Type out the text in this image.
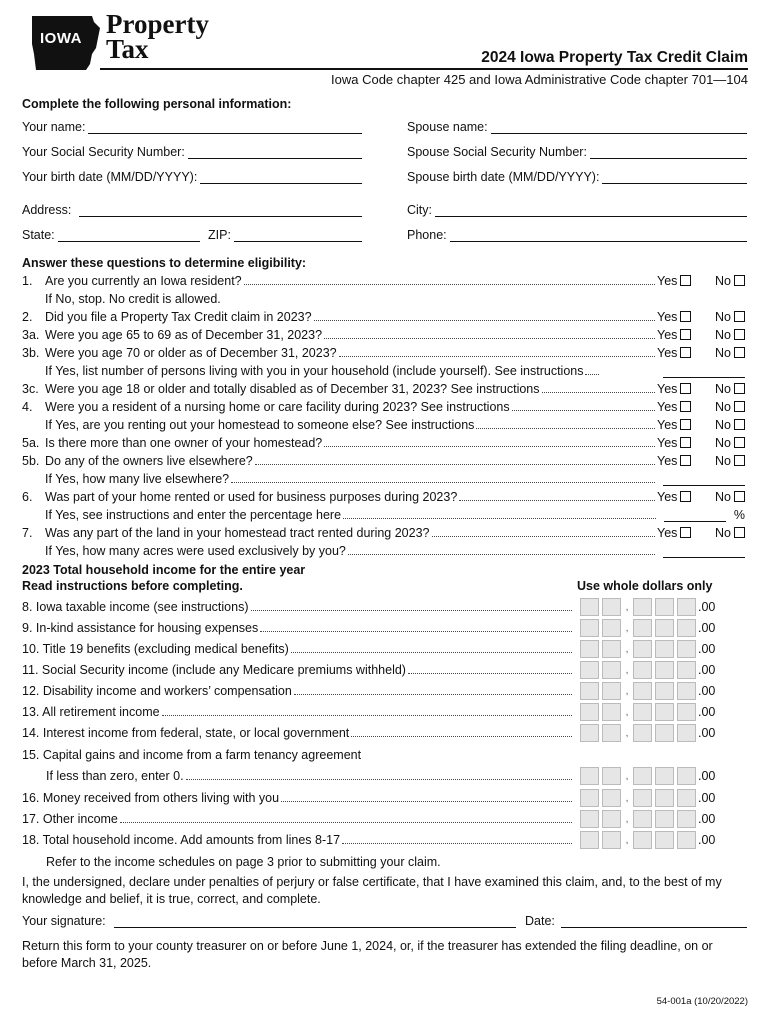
IOWA Property
Tax	2024 Iowa Property Tax Credit Claim
Iowa Code chapter 425 and Iowa Administrative Code chapter 701—104
Complete the following personal information:
Your name:	Spouse name:
Your Social Security Number:	Spouse Social Security Number:
Your birth date (MM/DD/YYYY):	Spouse birth date (MM/DD/YYYY):
Address:	City:
State:	ZIP:	Phone:
Answer these questions to determine eligibility:
1.	Are you currently an Iowa resident?	Yes	No
If No, stop. No credit is allowed.
2.	Did you file a Property Tax Credit claim in 2023?	Yes	No
3a. Were you age 65 to 69 as of December 31, 2023?	Yes	No
3b. Were you age 70 or older as of December 31, 2023?	Yes	No
If Yes, list number of persons living with you in your household (include yourself). See instructions
3c. Were you age 18 or older and totally disabled as of December 31, 2023? See instructions	Yes	No
4.	Were you a resident of a nursing home or care facility during 2023? See instructions	Yes	No
If Yes, are you renting out your homestead to someone else? See instructions	Yes	No
5a. Is there more than one owner of your homestead?	Yes	No
5b. Do any of the owners live elsewhere?	Yes	No
If Yes, how many live elsewhere?
6.	Was part of your home rented or used for business purposes during 2023?	Yes	No
If Yes, see instructions and enter the percentage here	%
7.	Was any part of the land in your homestead tract rented during 2023?	Yes	No
If Yes, how many acres were used exclusively by you?
2023 Total household income for the entire year
Read instructions before completing.	Use whole dollars only
8. Iowa taxable income (see instructions)	,	.00
9. In-kind assistance for housing expenses	,	.00
10. Title 19 benefits (excluding medical benefits)	,	.00
11. Social Security income (include any Medicare premiums withheld)	,	.00
12. Disability income and workers’ compensation	,	.00
13. All retirement income	,	.00
14. Interest income from federal, state, or local government	,	.00
15. Capital gains and income from a farm tenancy agreement
If less than zero, enter 0.	,	.00
16. Money received from others living with you	,	.00
17. Other income	,	.00
18. Total household income. Add amounts from lines 8-17	,	.00
Refer to the income schedules on page 3 prior to submitting your claim.
I, the undersigned, declare under penalties of perjury or false certificate, that I have examined this claim, and, to the best of my knowledge and belief, it is true, correct, and complete.
Your signature:	Date:
Return this form to your county treasurer on or before June 1, 2024, or, if the treasurer has extended the filing deadline, on or before March 31, 2025.
54-001a (10/20/2022)
